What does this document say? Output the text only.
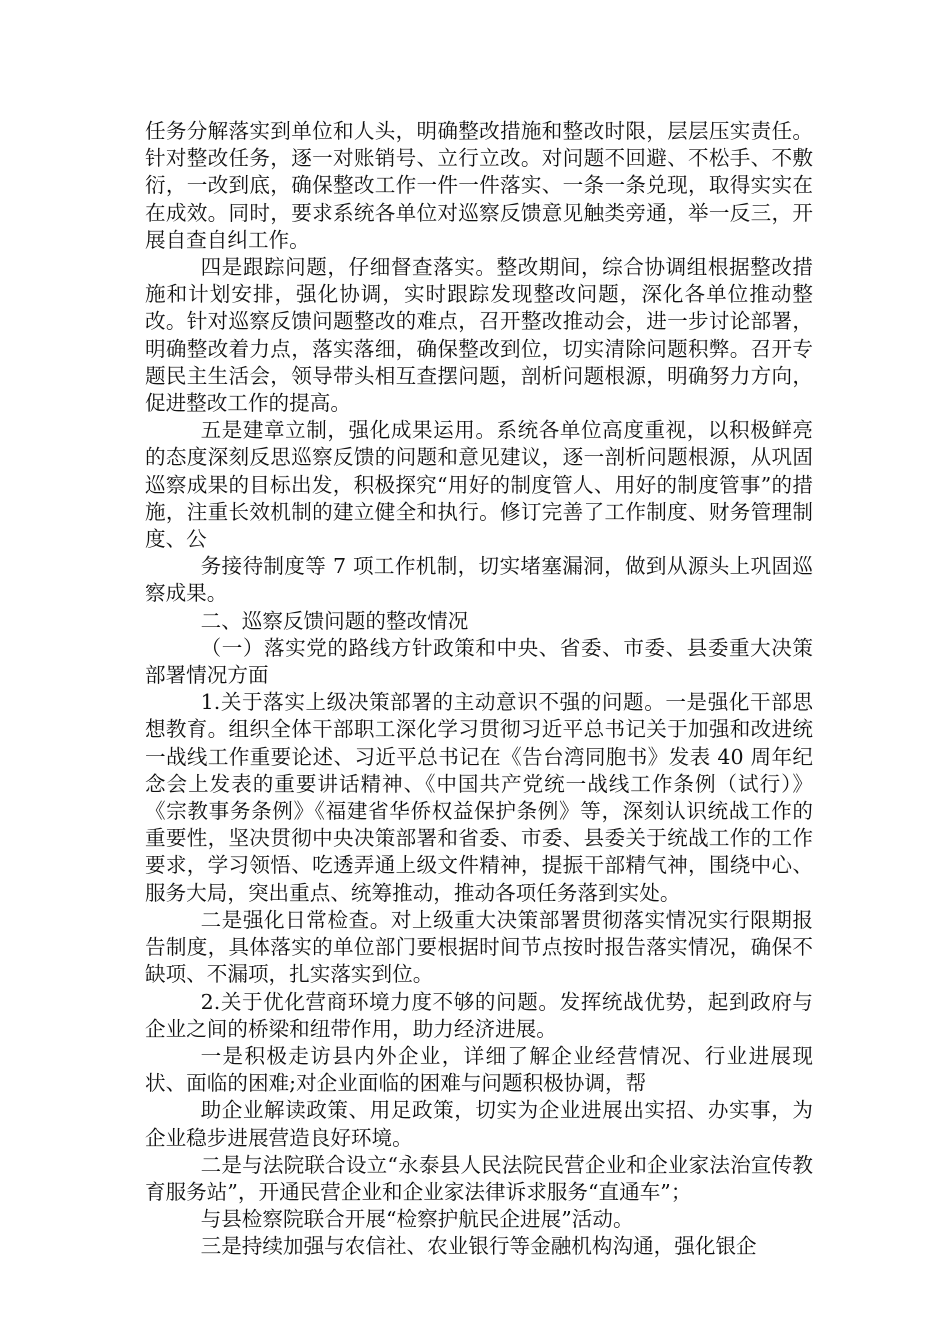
任务分解落实到单位和人头，明确整改措施和整改时限，层层压实责任。针对整改任务，逐一对账销号、立行立改。对问题不回避、不松手、不敷衍，一改到底，确保整改工作一件一件落实、一条一条兑现，取得实实在在成效。同时，要求系统各单位对巡察反馈意见触类旁通，举一反三，开展自查自纠工作。

四是跟踪问题，仔细督查落实。整改期间，综合协调组根据整改措施和计划安排，强化协调，实时跟踪发现整改问题，深化各单位推动整改。针对巡察反馈问题整改的难点，召开整改推动会，进一步讨论部署，明确整改着力点，落实落细，确保整改到位，切实清除问题积弊。召开专题民主生活会，领导带头相互查摆问题，剖析问题根源，明确努力方向，促进整改工作的提高。

五是建章立制，强化成果运用。系统各单位高度重视，以积极鲜亮的态度深刻反思巡察反馈的问题和意见建议，逐一剖析问题根源，从巩固巡察成果的目标出发，积极探究“用好的制度管人、用好的制度管事”的措施，注重长效机制的建立健全和执行。修订完善了工作制度、财务管理制度、公

务接待制度等 7 项工作机制，切实堵塞漏洞，做到从源头上巩固巡察成果。

二、巡察反馈问题的整改情况

（一）落实党的路线方针政策和中央、省委、市委、县委重大决策部署情况方面

1.关于落实上级决策部署的主动意识不强的问题。一是强化干部思想教育。组织全体干部职工深化学习贯彻习近平总书记关于加强和改进统一战线工作重要论述、习近平总书记在《告台湾同胞书》发表 40 周年纪念会上发表的重要讲话精神、《中国共产党统一战线工作条例（试行）》《宗教事务条例》《福建省华侨权益保护条例》等，深刻认识统战工作的重要性，坚决贯彻中央决策部署和省委、市委、县委关于统战工作的工作要求，学习领悟、吃透弄通上级文件精神，提振干部精气神，围绕中心、服务大局，突出重点、统筹推动，推动各项任务落到实处。

二是强化日常检查。对上级重大决策部署贯彻落实情况实行限期报告制度，具体落实的单位部门要根据时间节点按时报告落实情况，确保不缺项、不漏项，扎实落实到位。

2.关于优化营商环境力度不够的问题。发挥统战优势，起到政府与企业之间的桥梁和纽带作用，助力经济进展。

一是积极走访县内外企业，详细了解企业经营情况、行业进展现状、面临的困难;对企业面临的困难与问题积极协调，帮

助企业解读政策、用足政策，切实为企业进展出实招、办实事，为企业稳步进展营造良好环境。

二是与法院联合设立“永泰县人民法院民营企业和企业家法治宣传教育服务站”，开通民营企业和企业家法律诉求服务“直通车”；

与县检察院联合开展“检察护航民企进展”活动。

三是持续加强与农信社、农业银行等金融机构沟通，强化银企
